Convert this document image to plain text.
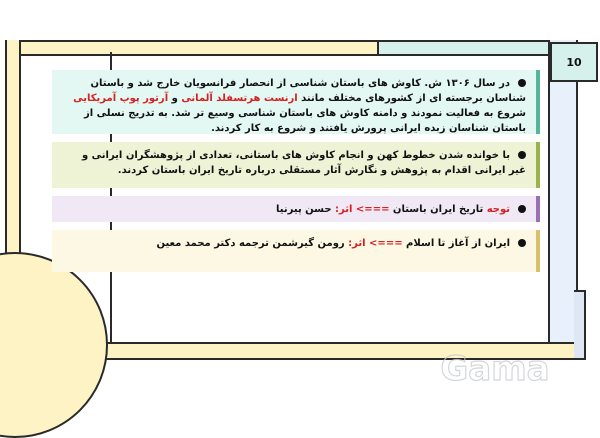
10
در سال ۱۳۰۶ ش. کاوش های باستان شناسی از انحصار فرانسویان خارج شد و باستان شناسان برجسته ای از کشورهای مختلف مانند ارنست هرتسفلد آلمانی و آرتور پوپ آمریکایی شروع به فعالیت نمودند و دامنه کاوش های باستان شناسی وسیع تر شد. به تدریج نسلی از باستان شناسان زبده ایرانی پرورش یافتند و شروع به کار کردند.
با خوانده شدن خطوط کهن و انجام کاوش های باستانی، تعدادی از پژوهشگران ایرانی و غیر ایرانی اقدام به پژوهش و نگارش آثار مستقلی درباره تاریخ ایران باستان کردند.
توجه تاریخ ایران باستان ===> اثر: حسن پیرنیا
ایران از آغاز تا اسلام ===> اثر: رومن گیرشمن ترجمه دکتر محمد معین
Gama
